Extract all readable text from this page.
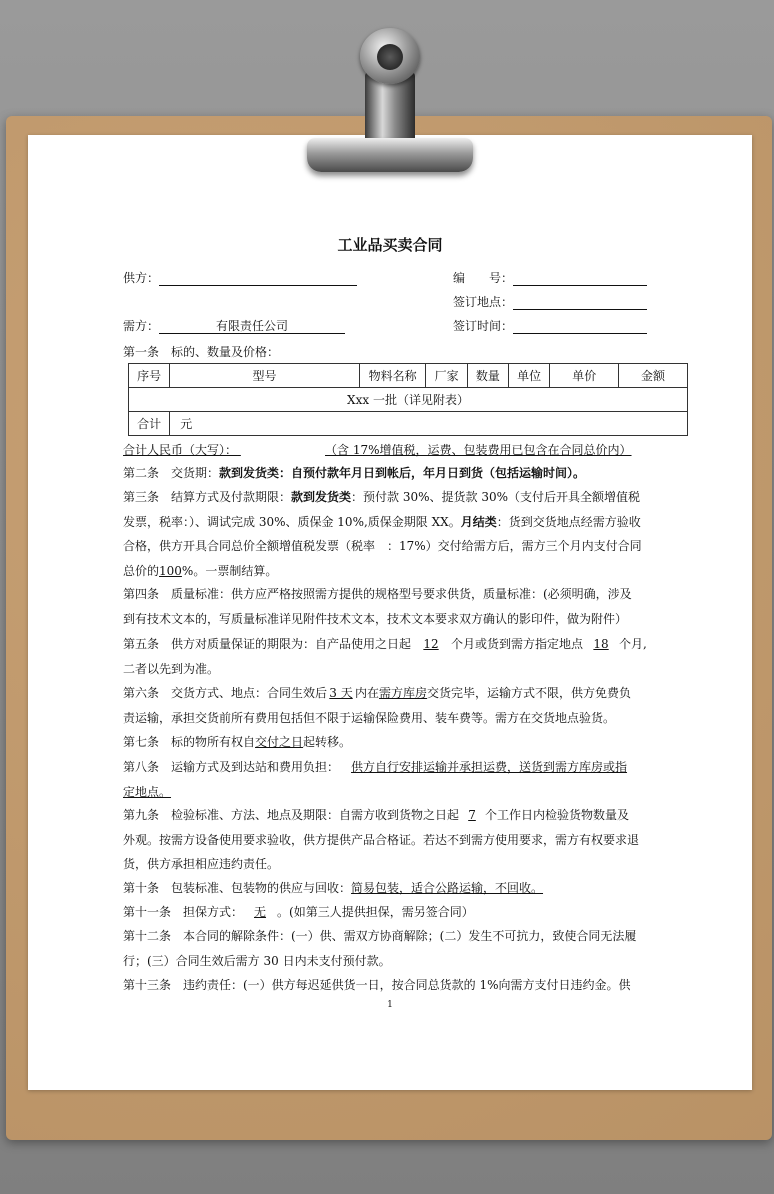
工业品买卖合同
供方：	编　　号：
签订地点：
需方：	有限责任公司	签订时间：
第一条　标的、数量及价格：
序号	型号	物料名称	厂家	数量	单位	单价	金额
Xxx 一批（详见附表）							
合计	元						
合计人民币（大写）：	（含 17%增值税，运费、包装费用已包含在合同总价内）
第二条　交货期：款到发货类：自预付款年月日到帐后，年月日到货（包括运输时间）。
第三条　结算方式及付款期限：款到发货类：预付款 30%、提货款 30%（支付后开具全额增值税
发票，税率：）、调试完成 30%、质保金 10%,质保金期限 XX。月结类：货到交货地点经需方验收
合格，供方开具合同总价全额增值税发票（税率　：17%）交付给需方后，需方三个月内支付合同
总价的100%。一票制结算。
第四条　质量标准：供方应严格按照需方提供的规格型号要求供货，质量标准：(必须明确，涉及
到有技术文本的，写质量标准详见附件技术文本，技术文本要求双方确认的影印件，做为附件）
第五条　供方对质量保证的期限为：自产品使用之日起 12 个月或货到需方指定地点 18 个月,
二者以先到为准。
第六条　交货方式、地点：合同生效后 3 天 内在需方库房交货完毕，运输方式不限，供方免费负
责运输，承担交货前所有费用包括但不限于运输保险费用、装车费等。需方在交货地点验货。
第七条　标的物所有权自交付之日起转移。
第八条　运输方式及到达站和费用负担： 供方自行安排运输并承担运费，送货到需方库房或指
定地点。
第九条　检验标准、方法、地点及期限：自需方收到货物之日起 7 个工作日内检验货物数量及
外观。按需方设备使用要求验收，供方提供产品合格证。若达不到需方使用要求，需方有权要求退
货，供方承担相应违约责任。
第十条　包装标准、包装物的供应与回收：简易包装，适合公路运输，不回收。
第十一条　担保方式： 无 。(如第三人提供担保，需另签合同）
第十二条　本合同的解除条件：(一）供、需双方协商解除；(二）发生不可抗力，致使合同无法履
行；(三）合同生效后需方 30 日内未支付预付款。
第十三条　违约责任：(一）供方每迟延供货一日，按合同总货款的 1%向需方支付日违约金。供
1
